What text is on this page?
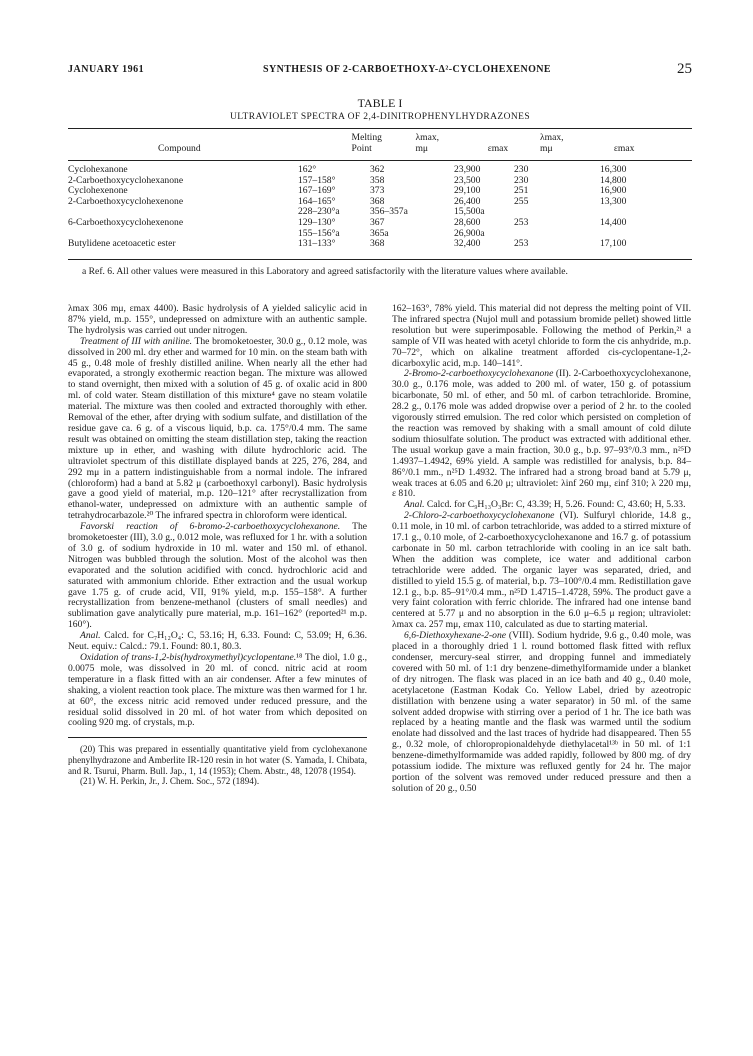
JANUARY 1961	SYNTHESIS OF 2-CARBOETHOXY-Δ²-CYCLOHEXENONE	25
TABLE I
ULTRAVIOLET SPECTRA OF 2,4-DINITROPHENYLHYDRAZONES
	Melting	λmax,		λmax,	
Compound	Point	mμ	εmax	mμ	εmax
Cyclohexanone	162°	362	23,900	230	16,300
2-Carboethoxycyclohexanone	157–158°	358	23,500	230	14,800
Cyclohexenone	167–169°	373	29,100	251	16,900
2-Carboethoxycyclohexenone	164–165°	368	26,400	255	13,300
	228–230°a	356–357a	15,500a		
6-Carboethoxycyclohexenone	129–130°	367	28,600	253	14,400
	155–156°a	365a	26,900a		
Butylidene acetoacetic ester	131–133°	368	32,400	253	17,100
a Ref. 6. All other values were measured in this Laboratory and agreed satisfactorily with the literature values where available.

λmax 306 mμ, εmax 4400). Basic hydrolysis of A yielded salicylic acid in 87% yield, m.p. 155°, undepressed on admixture with an authentic sample. The hydrolysis was carried out under nitrogen.

Treatment of III with aniline. The bromoketoester, 30.0 g., 0.12 mole, was dissolved in 200 ml. dry ether and warmed for 10 min. on the steam bath with 45 g., 0.48 mole of freshly distilled aniline. When nearly all the ether had evaporated, a strongly exothermic reaction began. The mixture was allowed to stand overnight, then mixed with a solution of 45 g. of oxalic acid in 800 ml. of cold water. Steam distillation of this mixture⁴ gave no steam volatile material. The mixture was then cooled and extracted thoroughly with ether. Removal of the ether, after drying with sodium sulfate, and distillation of the residue gave ca. 6 g. of a viscous liquid, b.p. ca. 175°/0.4 mm. The same result was obtained on omitting the steam distillation step, taking the reaction mixture up in ether, and washing with dilute hydrochloric acid. The ultraviolet spectrum of this distillate displayed bands at 225, 276, 284, and 292 mμ in a pattern indistinguishable from a normal indole. The infrared (chloroform) had a band at 5.82 μ (carboethoxyl carbonyl). Basic hydrolysis gave a good yield of material, m.p. 120–121° after recrystallization from ethanol-water, undepressed on admixture with an authentic sample of tetrahydrocarbazole.²⁰ The infrared spectra in chloroform were identical.

Favorski reaction of 6-bromo-2-carboethoxycyclohexanone. The bromoketoester (III), 3.0 g., 0.012 mole, was refluxed for 1 hr. with a solution of 3.0 g. of sodium hydroxide in 10 ml. water and 150 ml. of ethanol. Nitrogen was bubbled through the solution. Most of the alcohol was then evaporated and the solution acidified with concd. hydrochloric acid and saturated with ammonium chloride. Ether extraction and the usual workup gave 1.75 g. of crude acid, VII, 91% yield, m.p. 155–158°. A further recrystallization from benzene-methanol (clusters of small needles) and sublimation gave analytically pure material, m.p. 161–162° (reported²¹ m.p. 160°).

Anal. Calcd. for C₇H₁₂O₄: C, 53.16; H, 6.33. Found: C, 53.09; H, 6.36. Neut. equiv.: Calcd.: 79.1. Found: 80.1, 80.3.

Oxidation of trans-1,2-bis(hydroxymethyl)cyclopentane.¹⁸ The diol, 1.0 g., 0.0075 mole, was dissolved in 20 ml. of concd. nitric acid at room temperature in a flask fitted with an air condenser. After a few minutes of shaking, a violent reaction took place. The mixture was then warmed for 1 hr. at 60°, the excess nitric acid removed under reduced pressure, and the residual solid dissolved in 20 ml. of hot water from which deposited on cooling 920 mg. of crystals, m.p.

(20) This was prepared in essentially quantitative yield from cyclohexanone phenylhydrazone and Amberlite IR-120 resin in hot water (S. Yamada, I. Chibata, and R. Tsurui, Pharm. Bull. Jap., 1, 14 (1953); Chem. Abstr., 48, 12078 (1954).

(21) W. H. Perkin, Jr., J. Chem. Soc., 572 (1894).

162–163°, 78% yield. This material did not depress the melting point of VII. The infrared spectra (Nujol mull and potassium bromide pellet) showed little resolution but were superimposable. Following the method of Perkin,²¹ a sample of VII was heated with acetyl chloride to form the cis anhydride, m.p. 70–72°, which on alkaline treatment afforded cis-cyclopentane-1,2-dicarboxylic acid, m.p. 140–141°.

2-Bromo-2-carboethoxycyclohexanone (II). 2-Carboethoxycyclohexanone, 30.0 g., 0.176 mole, was added to 200 ml. of water, 150 g. of potassium bicarbonate, 50 ml. of ether, and 50 ml. of carbon tetrachloride. Bromine, 28.2 g., 0.176 mole was added dropwise over a period of 2 hr. to the cooled vigorously stirred emulsion. The red color which persisted on completion of the reaction was removed by shaking with a small amount of cold dilute sodium thiosulfate solution. The product was extracted with additional ether. The usual workup gave a main fraction, 30.0 g., b.p. 97–93°/0.3 mm., n²⁵D 1.4937–1.4942, 69% yield. A sample was redistilled for analysis, b.p. 84–86°/0.1 mm., n²⁵D 1.4932. The infrared had a strong broad band at 5.79 μ, weak traces at 6.05 and 6.20 μ; ultraviolet: λinf 260 mμ, εinf 310; λ 220 mμ, ε 810.

Anal. Calcd. for C₉H₁₃O₃Br: C, 43.39; H, 5.26. Found: C, 43.60; H, 5.33.

2-Chloro-2-carboethoxycyclohexanone (VI). Sulfuryl chloride, 14.8 g., 0.11 mole, in 10 ml. of carbon tetrachloride, was added to a stirred mixture of 17.1 g., 0.10 mole, of 2-carboethoxycyclohexanone and 16.7 g. of potassium carbonate in 50 ml. carbon tetrachloride with cooling in an ice salt bath. When the addition was complete, ice water and additional carbon tetrachloride were added. The organic layer was separated, dried, and distilled to yield 15.5 g. of material, b.p. 73–100°/0.4 mm. Redistillation gave 12.1 g., b.p. 85–91°/0.4 mm., n²⁵D 1.4715–1.4728, 59%. The product gave a very faint coloration with ferric chloride. The infrared had one intense band centered at 5.77 μ and no absorption in the 6.0 μ–6.5 μ region; ultraviolet: λmax ca. 257 mμ, εmax 110, calculated as due to starting material.

6,6-Diethoxyhexane-2-one (VIII). Sodium hydride, 9.6 g., 0.40 mole, was placed in a thoroughly dried 1 l. round bottomed flask fitted with reflux condenser, mercury-seal stirrer, and dropping funnel and immediately covered with 50 ml. of 1:1 dry benzene-dimethylformamide under a blanket of dry nitrogen. The flask was placed in an ice bath and 40 g., 0.40 mole, acetylacetone (Eastman Kodak Co. Yellow Label, dried by azeotropic distillation with benzene using a water separator) in 50 ml. of the same solvent added dropwise with stirring over a period of 1 hr. The ice bath was replaced by a heating mantle and the flask was warmed until the sodium enolate had dissolved and the last traces of hydride had disappeared. Then 55 g., 0.32 mole, of chloropropionaldehyde diethylacetal¹³ᵇ in 50 ml. of 1:1 benzene-dimethylformamide was added rapidly, followed by 800 mg. of dry potassium iodide. The mixture was refluxed gently for 24 hr. The major portion of the solvent was removed under reduced pressure and then a solution of 20 g., 0.50
